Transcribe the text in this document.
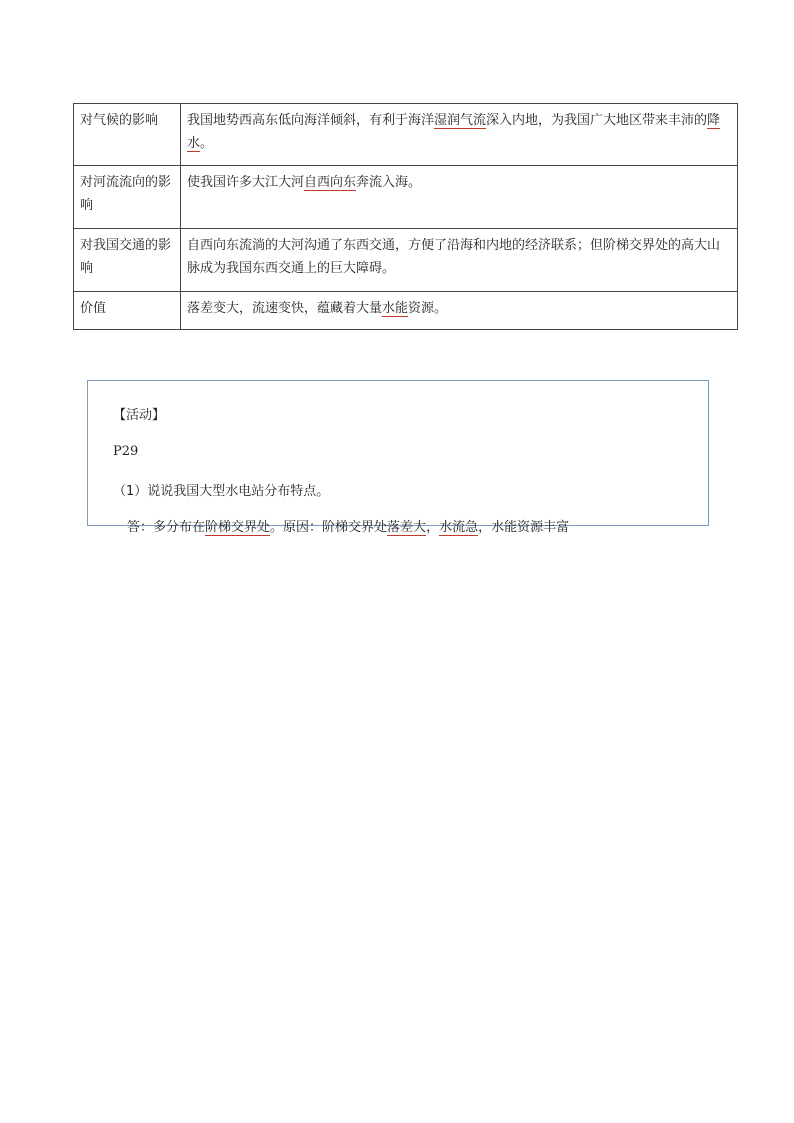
对气候的影响	我国地势西高东低向海洋倾斜，有利于海洋湿润气流深入内地，为我国广大地区带来丰沛的降水。
对河流流向的影响	使我国许多大江大河自西向东奔流入海。
对我国交通的影响	自西向东流淌的大河沟通了东西交通，方便了沿海和内地的经济联系；但阶梯交界处的高大山脉成为我国东西交通上的巨大障碍。
价值	落差变大，流速变快，蕴藏着大量水能资源。
【活动】
P29
（1）说说我国大型水电站分布特点。
答：多分布在阶梯交界处。原因：阶梯交界处落差大，水流急，水能资源丰富
